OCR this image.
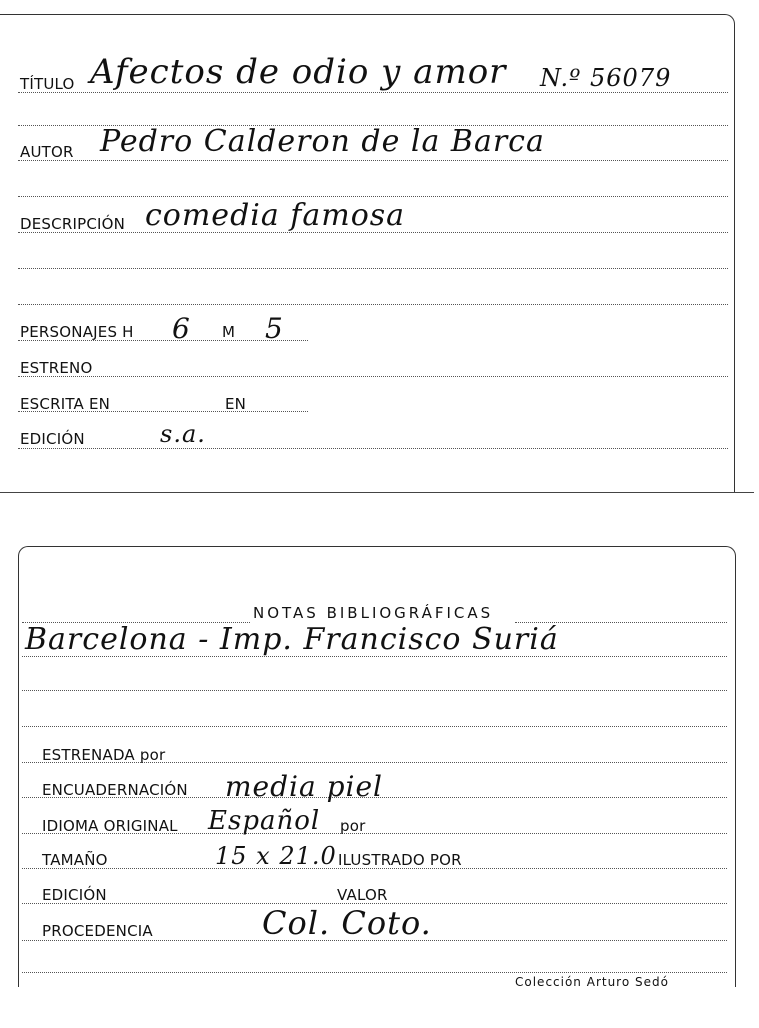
TÍTULO Afectos de odio y amor N.º 56079
AUTOR Pedro Calderon de la Barca
DESCRIPCIÓN comedia famosa
PERSONAJES H 6 M 5
ESTRENO
ESCRITA EN	EN
EDICIÓN	s.a.
NOTAS BIBLIOGRÁFICAS
Barcelona - Imp. Francisco Suriá
ESTRENADA por
ENCUADERNACIÓN media piel
IDIOMA ORIGINAL Español por
TAMAÑO	15 x 21.0 ILUSTRADO POR
EDICIÓN	VALOR
PROCEDENCIA	Col. Coto.
Colección Arturo Sedó
